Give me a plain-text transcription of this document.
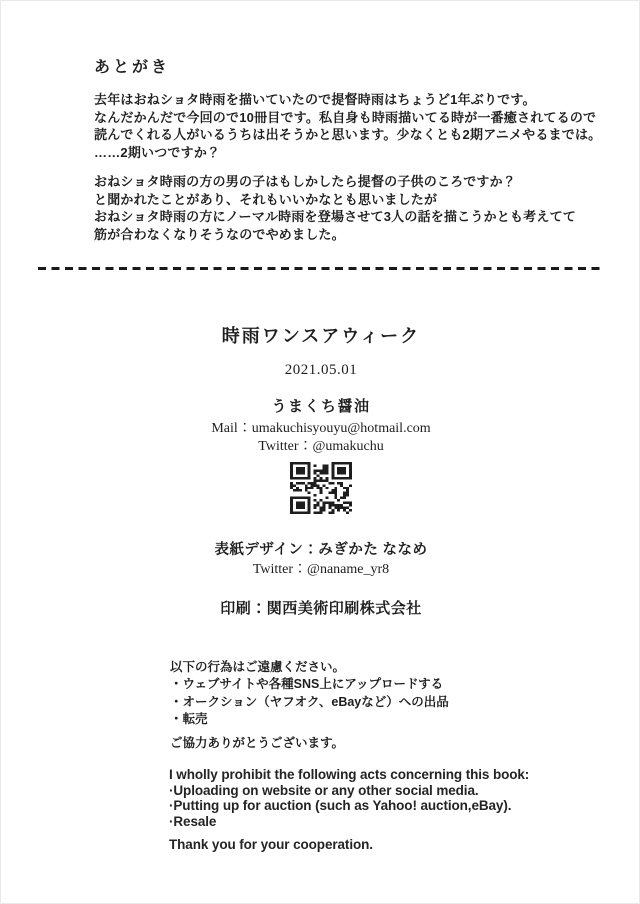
あとがき
去年はおねショタ時雨を描いていたので提督時雨はちょうど1年ぶりです。
なんだかんだで今回ので10冊目です。私自身も時雨描いてる時が一番癒されてるので
読んでくれる人がいるうちは出そうかと思います。少なくとも2期アニメやるまでは。
……2期いつですか？
おねショタ時雨の方の男の子はもしかしたら提督の子供のころですか？
と聞かれたことがあり、それもいいかなとも思いましたが
おねショタ時雨の方にノーマル時雨を登場させて3人の話を描こうかとも考えてて
筋が合わなくなりそうなのでやめました。
時雨ワンスアウィーク
2021.05.01
うまくち醤油
Mail：umakuchisyouyu@hotmail.com
Twitter：@umakuchu
表紙デザイン：みぎかた ななめ
Twitter：@naname_yr8
印刷：関西美術印刷株式会社
以下の行為はご遠慮ください。
・ウェブサイトや各種SNS上にアップロードする
・オークション（ヤフオク、eBayなど）への出品
・転売
ご協力ありがとうございます。
I wholly prohibit the following acts concerning this book:
·Uploading on website or any other social media.
·Putting up for auction (such as Yahoo! auction,eBay).
·Resale
Thank you for your cooperation.
